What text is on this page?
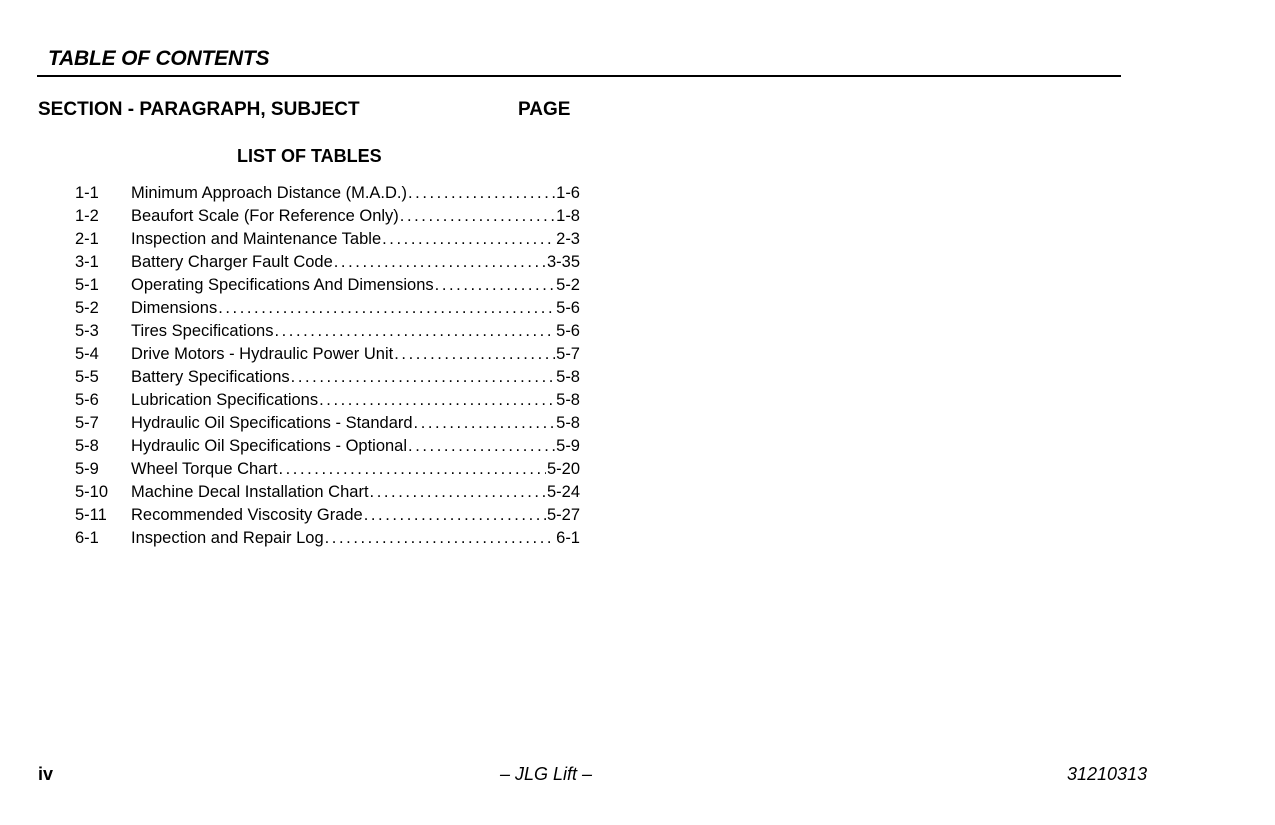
TABLE OF CONTENTS
SECTION - PARAGRAPH, SUBJECT	PAGE
LIST OF TABLES
1-1	Minimum Approach Distance (M.A.D.) . . .	1-6
1-2	Beaufort Scale (For Reference Only) . . .	1-8
2-1	Inspection and Maintenance Table . . .	2-3
3-1	Battery Charger Fault Code . . .	3-35
5-1	Operating Specifications And Dimensions . . .	5-2
5-2	Dimensions . . .	5-6
5-3	Tires Specifications . . .	5-6
5-4	Drive Motors - Hydraulic Power Unit . . .	5-7
5-5	Battery Specifications . . .	5-8
5-6	Lubrication Specifications . . .	5-8
5-7	Hydraulic Oil Specifications - Standard . . .	5-8
5-8	Hydraulic Oil Specifications - Optional . . .	5-9
5-9	Wheel Torque Chart . . .	5-20
5-10	Machine Decal Installation Chart . . .	5-24
5-11	Recommended Viscosity Grade . . .	5-27
6-1	Inspection and Repair Log . . .	6-1
iv	– JLG Lift –	31210313
